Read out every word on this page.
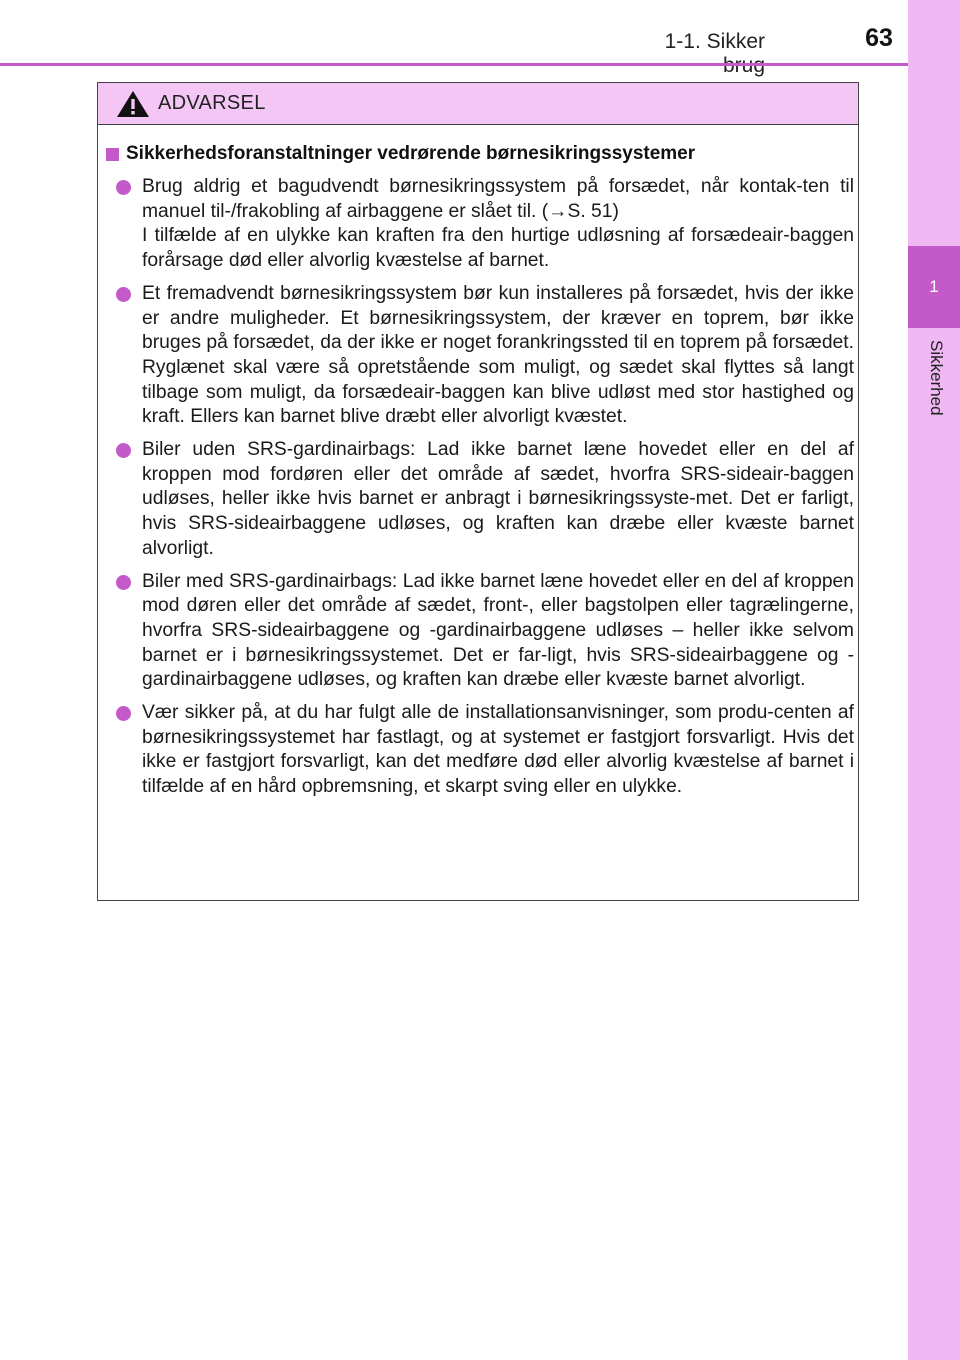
1
Sikkerhed
1-1. Sikker	63
ADVARSEL
Sikkerhedsforanstaltninger vedrørende børnesikringssystemer
Brug aldrig et bagudvendt børnesikringssystem på forsædet, når kontak-ten til manuel til-/frakobling af airbaggene er slået til. (→S. 51)
I tilfælde af en ulykke kan kraften fra den hurtige udløsning af forsædeair-baggen forårsage død eller alvorlig kvæstelse af barnet.
Et fremadvendt børnesikringssystem bør kun installeres på forsædet, hvis der ikke er andre muligheder. Et børnesikringssystem, der kræver en toprem, bør ikke bruges på forsædet, da der ikke er noget forankringssted til en toprem på forsædet. Ryglænet skal være så opretstående som muligt, og sædet skal flyttes så langt tilbage som muligt, da forsædeair-baggen kan blive udløst med stor hastighed og kraft. Ellers kan barnet blive dræbt eller alvorligt kvæstet.
Biler uden SRS-gardinairbags: Lad ikke barnet læne hovedet eller en del af kroppen mod fordøren eller det område af sædet, hvorfra SRS-sideair-baggen udløses, heller ikke hvis barnet er anbragt i børnesikringssyste-met. Det er farligt, hvis SRS-sideairbaggene udløses, og kraften kan dræbe eller kvæste barnet alvorligt.
Biler med SRS-gardinairbags: Lad ikke barnet læne hovedet eller en del af kroppen mod døren eller det område af sædet, front-, eller bagstolpen eller tagrælingerne, hvorfra SRS-sideairbaggene og -gardinairbaggene udløses – heller ikke selvom barnet er i børnesikringssystemet. Det er far-ligt, hvis SRS-sideairbaggene og -gardinairbaggene udløses, og kraften kan dræbe eller kvæste barnet alvorligt.
Vær sikker på, at du har fulgt alle de installationsanvisninger, som produ-centen af børnesikringssystemet har fastlagt, og at systemet er fastgjort forsvarligt. Hvis det ikke er fastgjort forsvarligt, kan det medføre død eller alvorlig kvæstelse af barnet i tilfælde af en hård opbremsning, et skarpt sving eller en ulykke.
carmanualsonline.info
